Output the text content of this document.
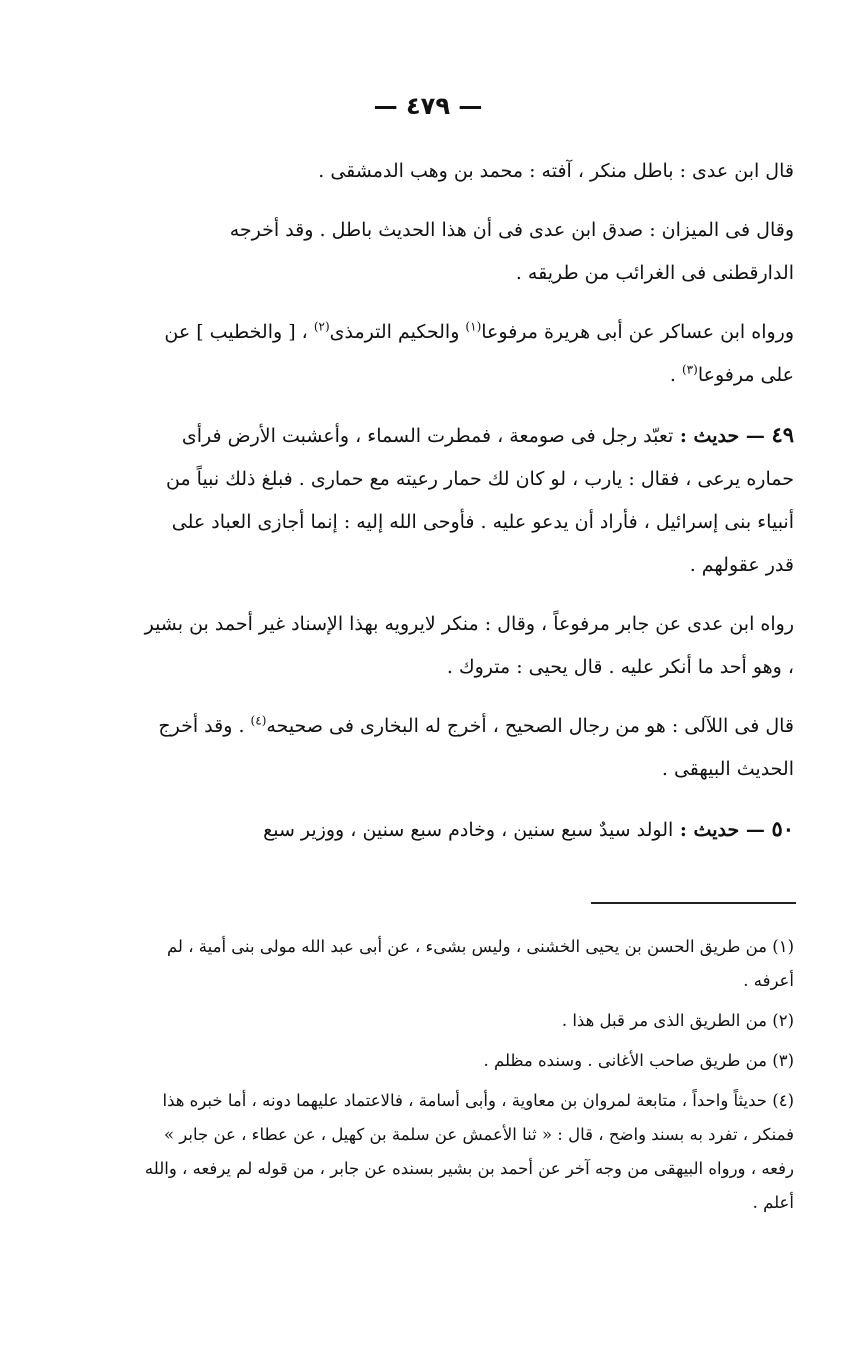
— ٤٧٩ —

قال ابن عدى : باطل منكر ، آفته : محمد بن وهب الدمشقى .

وقال فى الميزان : صدق ابن عدى فى أن هذا الحديث باطل . وقد أخرجه الدارقطنى فى الغرائب من طريقه .

ورواه ابن عساكر عن أبى هريرة مرفوعا$^{(١)}$ والحكيم الترمذى$^{(٢)}$ ، [ والخطيب ] عن على مرفوعا$^{(٣)}$ .

٤٩ — حديث : تعبّد رجل فى صومعة ، فمطرت السماء ، وأعشبت الأرض فرأى حماره يرعى ، فقال : يارب ، لو كان لك حمار رعيته مع حمارى . فبلغ ذلك نبياً من أنبياء بنى إسرائيل ، فأراد أن يدعو عليه . فأوحى الله إليه : إنما أجازى العباد على قدر عقولهم .

رواه ابن عدى عن جابر مرفوعاً ، وقال : منكر لايرويه بهذا الإسناد غير أحمد بن بشير ، وهو أحد ما أنكر عليه . قال يحيى : متروك .

قال فى اللآلى : هو من رجال الصحيح ، أخرج له البخارى فى صحيحه$^{(٤)}$ . وقد أخرج الحديث البيهقى .

٥٠ — حديث : الولد سيدٌ سبع سنين ، وخادم سبع سنين ، ووزير سبع

(١) من طريق الحسن بن يحيى الخشنى ، وليس بشىء ، عن أبى عبد الله مولى بنى أمية ، لم أعرفه .

(٢) من الطريق الذى مر قبل هذا .

(٣) من طريق صاحب الأغانى . وسنده مظلم .

(٤) حديثاً واحداً ، متابعة لمروان بن معاوية ، وأبى أسامة ، فالاعتماد عليهما دونه ، أما خبره هذا فمنكر ، تفرد به بسند واضح ، قال : « ثنا الأعمش عن سلمة بن كهيل ، عن عطاء ، عن جابر » رفعه ، ورواه البيهقى من وجه آخر عن أحمد بن بشير بسنده عن جابر ، من قوله لم يرفعه ، والله أعلم .
